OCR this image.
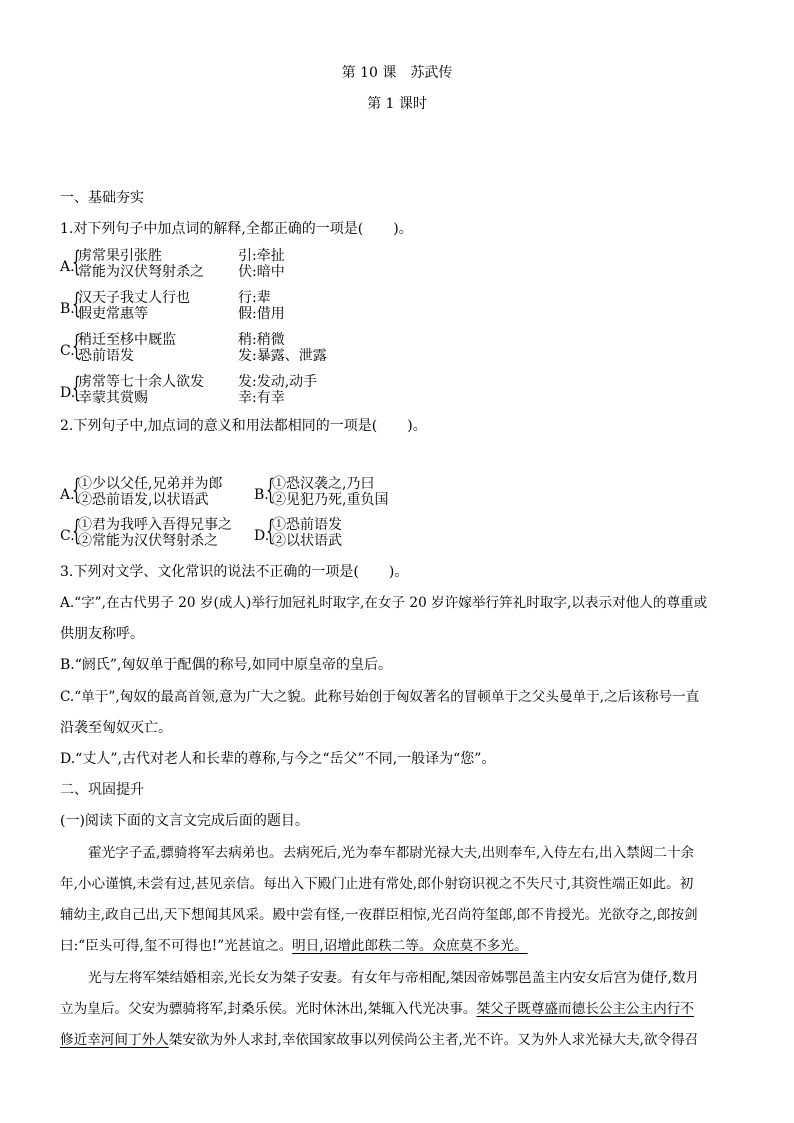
第 10 课　苏武传
第 1 课时
一、基础夯实
1.对下列句子中加点词的解释,全都正确的一项是( )。
A.
{
虏常果引张胜
常能为汉伏弩射杀之
引:牵扯
伏:暗中
B.
{
汉天子我丈人行也
假吏常惠等
行:辈
假:借用
C.
{
稍迁至栘中厩监
恐前语发
稍:稍微
发:暴露、泄露
D.
{
虏常等七十余人欲发
幸蒙其赏赐
发:发动,动手
幸:有幸
2.下列句子中,加点词的意义和用法都相同的一项是( )。
A.
{
①少以父任,兄弟并为郎
②恐前语发,以状语武	B.
{
①恐汉袭之,乃曰
②见犯乃死,重负国
C.
{
①君为我呼入吾得兄事之
②常能为汉伏弩射杀之	D.
{
①恐前语发
②以状语武
3.下列对文学、文化常识的说法不正确的一项是( )。
A.“字”,在古代男子 20 岁(成人)举行加冠礼时取字,在女子 20 岁许嫁举行笄礼时取字,以表示对他人的尊重或
供朋友称呼。
B.“阏氏”,匈奴单于配偶的称号,如同中原皇帝的皇后。
C.“单于”,匈奴的最高首领,意为广大之貌。此称号始创于匈奴著名的冒顿单于之父头曼单于,之后该称号一直
沿袭至匈奴灭亡。
D.“丈人”,古代对老人和长辈的尊称,与今之“岳父”不同,一般译为“您”。
二、巩固提升
(一)阅读下面的文言文完成后面的题目。
霍光字子孟,骠骑将军去病弟也。去病死后,光为奉车都尉光禄大夫,出则奉车,入侍左右,出入禁闼二十余
年,小心谨慎,未尝有过,甚见亲信。每出入下殿门止进有常处,郎仆射窃识视之不失尺寸,其资性端正如此。初
辅幼主,政自己出,天下想闻其风采。殿中尝有怪,一夜群臣相惊,光召尚符玺郎,郎不肯授光。光欲夺之,郎按剑
曰:“臣头可得,玺不可得也!”光甚谊之。明日,诏增此郎秩二等。众庶莫不多光。
光与左将军桀结婚相亲,光长女为桀子安妻。有女年与帝相配,桀因帝姊鄂邑盖主内安女后宫为倢伃,数月
立为皇后。父安为骠骑将军,封桑乐侯。光时休沐出,桀辄入代光决事。桀父子既尊盛而德长公主公主内行不
修近幸河间丁外人桀安欲为外人求封,幸依国家故事以列侯尚公主者,光不许。又为外人求光禄大夫,欲令得召
